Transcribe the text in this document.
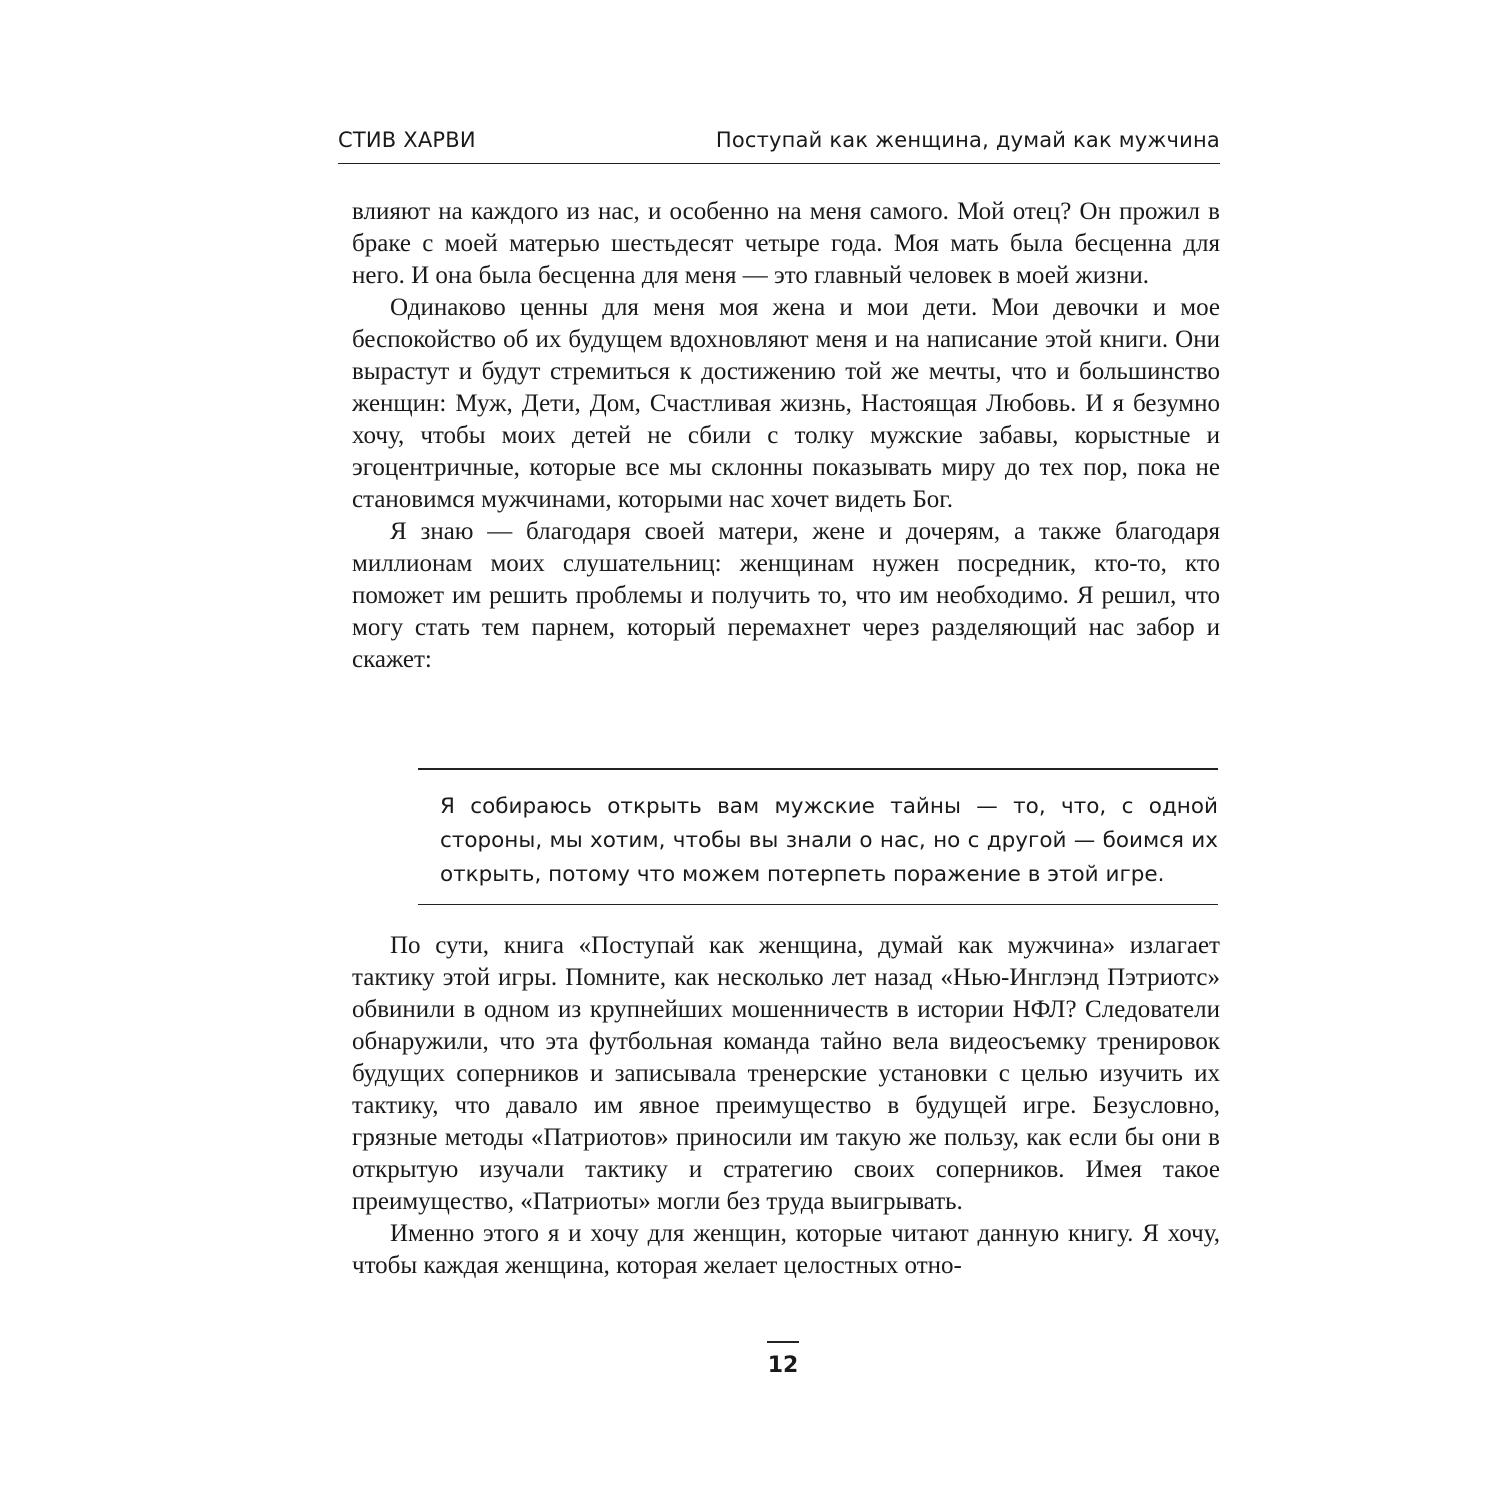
СТИВ ХАРВИ	Поступай как женщина, думай как мужчина

влияют на каждого из нас, и особенно на меня самого. Мой отец? Он прожил в браке с моей матерью шестьдесят четыре года. Моя мать была бесценна для него. И она была бесценна для меня — это главный человек в моей жизни.

Одинаково ценны для меня моя жена и мои дети. Мои девочки и мое беспокойство об их будущем вдохновляют меня и на написание этой книги. Они вырастут и будут стремиться к достижению той же мечты, что и большинство женщин: Муж, Дети, Дом, Счастливая жизнь, Настоящая Любовь. И я безумно хочу, чтобы моих детей не сбили с толку мужские забавы, корыстные и эгоцентричные, которые все мы склонны показывать миру до тех пор, пока не становимся мужчинами, которыми нас хочет видеть Бог.

Я знаю — благодаря своей матери, жене и дочерям, а также благодаря миллионам моих слушательниц: женщинам нужен посредник, кто-то, кто поможет им решить проблемы и получить то, что им необходимо. Я решил, что могу стать тем парнем, который перемахнет через разделяющий нас забор и скажет:

Я собираюсь открыть вам мужские тайны — то, что, с одной стороны, мы хотим, чтобы вы знали о нас, но с другой — боимся их открыть, потому что можем потерпеть поражение в этой игре.

По сути, книга «Поступай как женщина, думай как мужчина» излагает тактику этой игры. Помните, как несколько лет назад «Нью-Инглэнд Пэтриотс» обвинили в одном из крупнейших мошенничеств в истории НФЛ? Следователи обнаружили, что эта футбольная команда тайно вела видеосъемку тренировок будущих соперников и записывала тренерские установки с целью изучить их тактику, что давало им явное преимущество в будущей игре. Безусловно, грязные методы «Патриотов» приносили им такую же пользу, как если бы они в открытую изучали тактику и стратегию своих соперников. Имея такое преимущество, «Патриоты» могли без труда выигрывать.

Именно этого я и хочу для женщин, которые читают данную книгу. Я хочу, чтобы каждая женщина, которая желает целостных отно-

12
